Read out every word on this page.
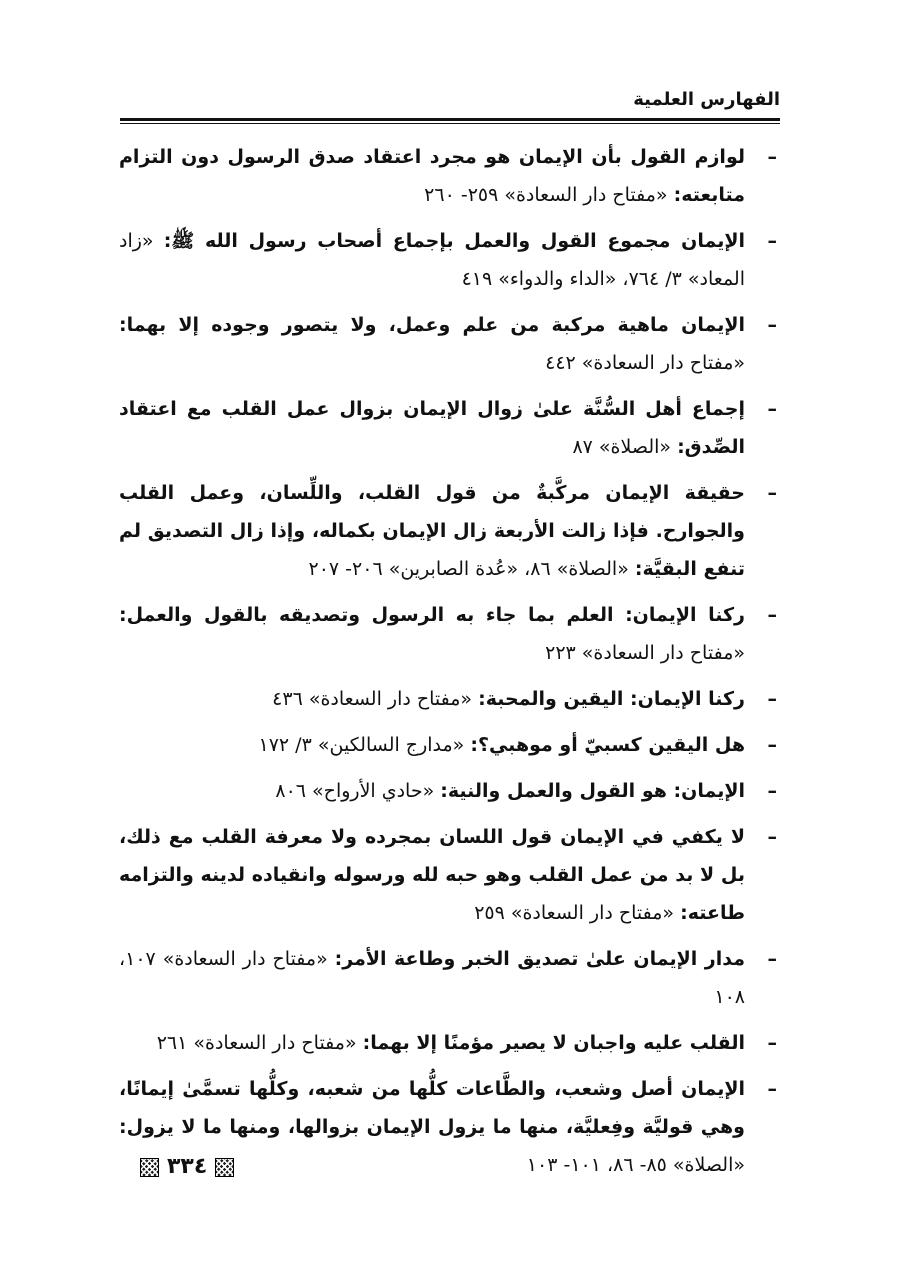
الفهارس العلمية
– لوازم القول بأن الإيمان هو مجرد اعتقاد صدق الرسول دون التزام متابعته: «مفتاح دار السعادة» ٢٥٩- ٢٦٠
– الإيمان مجموع القول والعمل بإجماع أصحاب رسول الله ﷺ: «زاد المعاد» ٣/ ٧٦٤، «الداء والدواء» ٤١٩
– الإيمان ماهية مركبة من علم وعمل، ولا يتصور وجوده إلا بهما: «مفتاح دار السعادة» ٤٤٢
– إجماع أهل السُّنَّة علىٰ زوال الإيمان بزوال عمل القلب مع اعتقاد الصِّدق: «الصلاة» ٨٧
– حقيقة الإيمان مركَّبةٌ من قول القلب، واللِّسان، وعمل القلب والجوارح. فإذا زالت الأربعة زال الإيمان بكماله، وإذا زال التصديق لم تنفع البقيَّة: «الصلاة» ٨٦، «عُدة الصابرين» ٢٠٦- ٢٠٧
– ركنا الإيمان: العلم بما جاء به الرسول وتصديقه بالقول والعمل: «مفتاح دار السعادة» ٢٢٣
– ركنا الإيمان: اليقين والمحبة: «مفتاح دار السعادة» ٤٣٦
– هل اليقين كسبيّ أو موهبي؟: «مدارج السالكين» ٣/ ١٧٢
– الإيمان: هو القول والعمل والنية: «حادي الأرواح» ٨٠٦
– لا يكفي في الإيمان قول اللسان بمجرده ولا معرفة القلب مع ذلك، بل لا بد من عمل القلب وهو حبه لله ورسوله وانقياده لدينه والتزامه طاعته: «مفتاح دار السعادة» ٢٥٩
– مدار الإيمان علىٰ تصديق الخبر وطاعة الأمر: «مفتاح دار السعادة» ١٠٧، ١٠٨
– القلب عليه واجبان لا يصير مؤمنًا إلا بهما: «مفتاح دار السعادة» ٢٦١
– الإيمان أصل وشعب، والطَّاعات كلُّها من شعبه، وكلُّها تسمَّىٰ إيمانًا، وهي قوليَّة وفِعليَّة، منها ما يزول الإيمان بزوالها، ومنها ما لا يزول: «الصلاة» ٨٥- ٨٦، ١٠١- ١٠٣
٣٣٤
